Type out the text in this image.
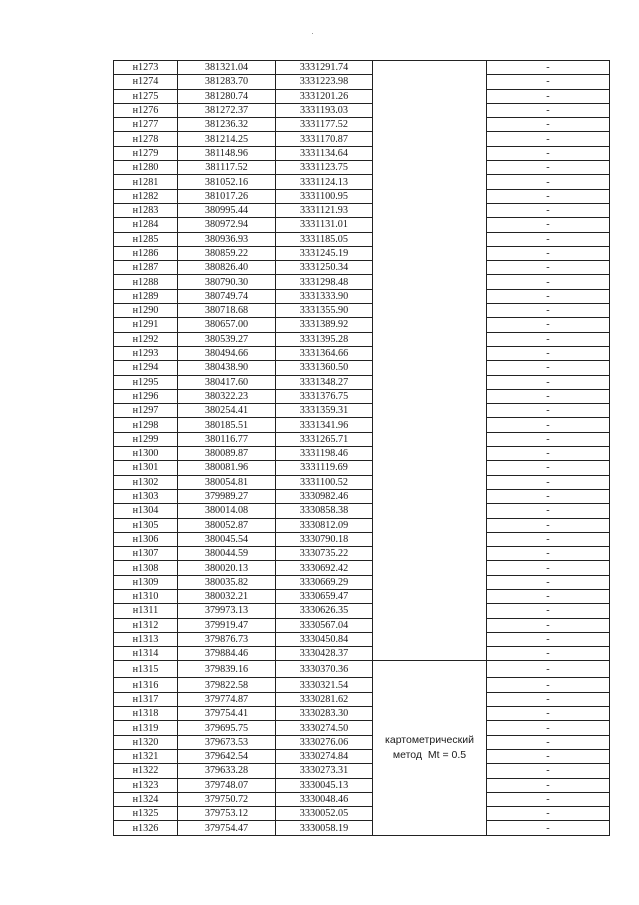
н1273	381321.04	3331291.74		-
н1274	381283.70	3331223.98		-
н1275	381280.74	3331201.26		-
н1276	381272.37	3331193.03		-
н1277	381236.32	3331177.52		-
н1278	381214.25	3331170.87		-
н1279	381148.96	3331134.64		-
н1280	381117.52	3331123.75		-
н1281	381052.16	3331124.13		-
н1282	381017.26	3331100.95		-
н1283	380995.44	3331121.93		-
н1284	380972.94	3331131.01		-
н1285	380936.93	3331185.05		-
н1286	380859.22	3331245.19		-
н1287	380826.40	3331250.34		-
н1288	380790.30	3331298.48		-
н1289	380749.74	3331333.90		-
н1290	380718.68	3331355.90		-
н1291	380657.00	3331389.92		-
н1292	380539.27	3331395.28		-
н1293	380494.66	3331364.66		-
н1294	380438.90	3331360.50		-
н1295	380417.60	3331348.27		-
н1296	380322.23	3331376.75		-
н1297	380254.41	3331359.31		-
н1298	380185.51	3331341.96		-
н1299	380116.77	3331265.71		-
н1300	380089.87	3331198.46		-
н1301	380081.96	3331119.69		-
н1302	380054.81	3331100.52		-
н1303	379989.27	3330982.46		-
н1304	380014.08	3330858.38		-
н1305	380052.87	3330812.09		-
н1306	380045.54	3330790.18		-
н1307	380044.59	3330735.22		-
н1308	380020.13	3330692.42		-
н1309	380035.82	3330669.29		-
н1310	380032.21	3330659.47		-
н1311	379973.13	3330626.35		-
н1312	379919.47	3330567.04		-
н1313	379876.73	3330450.84		-
н1314	379884.46	3330428.37		-
н1315	379839.16	3330370.36	картометрический
метод  Mt = 0.5	-
н1316	379822.58	3330321.54		-
н1317	379774.87	3330281.62		-
н1318	379754.41	3330283.30		-
н1319	379695.75	3330274.50		-
н1320	379673.53	3330276.06		-
н1321	379642.54	3330274.84		-
н1322	379633.28	3330273.31		-
н1323	379748.07	3330045.13		-
н1324	379750.72	3330048.46		-
н1325	379753.12	3330052.05		-
н1326	379754.47	3330058.19		-
